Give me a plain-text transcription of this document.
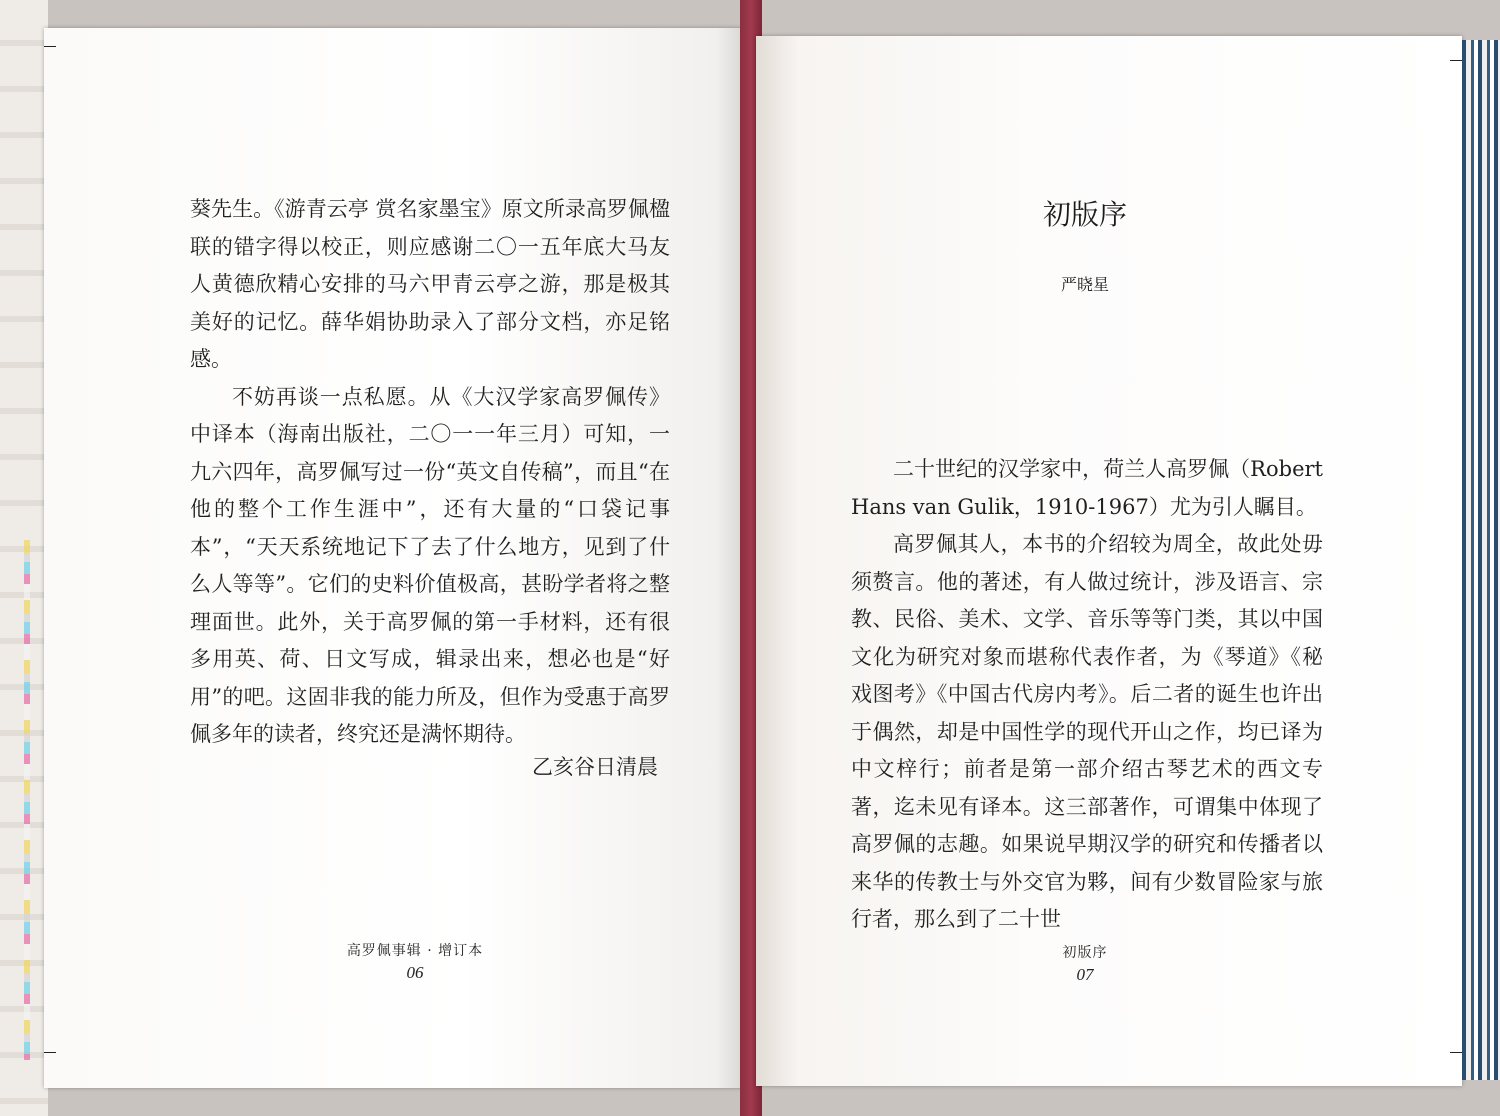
葵先生。《游青云亭 赏名家墨宝》原文所录高罗佩楹联的错字得以校正，则应感谢二〇一五年底大马友人黄德欣精心安排的马六甲青云亭之游，那是极其美好的记忆。薛华娟协助录入了部分文档，亦足铭感。

不妨再谈一点私愿。从《大汉学家高罗佩传》中译本（海南出版社，二〇一一年三月）可知，一九六四年，高罗佩写过一份“英文自传稿”，而且“在他的整个工作生涯中”，还有大量的“口袋记事本”，“天天系统地记下了去了什么地方，见到了什么人等等”。它们的史料价值极高，甚盼学者将之整理面世。此外，关于高罗佩的第一手材料，还有很多用英、荷、日文写成，辑录出来，想必也是“好用”的吧。这固非我的能力所及，但作为受惠于高罗佩多年的读者，终究还是满怀期待。

乙亥谷日清晨
高罗佩事辑 · 增订本
06
初版序
严晓星

二十世纪的汉学家中，荷兰人高罗佩（Robert Hans van Gulik，1910-1967）尤为引人瞩目。

高罗佩其人，本书的介绍较为周全，故此处毋须赘言。他的著述，有人做过统计，涉及语言、宗教、民俗、美术、文学、音乐等等门类，其以中国文化为研究对象而堪称代表作者，为《琴道》《秘戏图考》《中国古代房内考》。后二者的诞生也许出于偶然，却是中国性学的现代开山之作，均已译为中文梓行；前者是第一部介绍古琴艺术的西文专著，迄未见有译本。这三部著作，可谓集中体现了高罗佩的志趣。如果说早期汉学的研究和传播者以来华的传教士与外交官为夥，间有少数冒险家与旅行者，那么到了二十世

初版序
07
